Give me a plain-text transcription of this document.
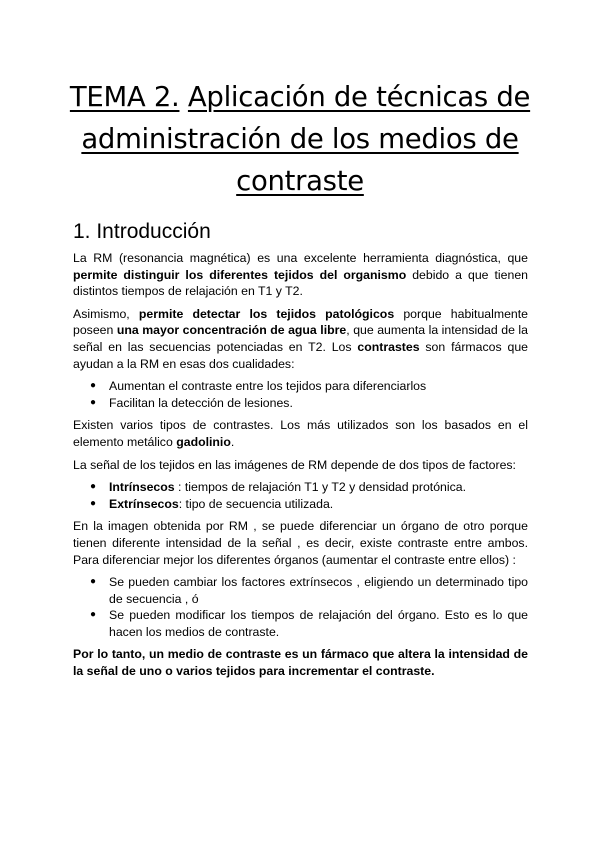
TEMA 2. Aplicación de técnicas de administración de los medios de contraste
1. Introducción

La RM (resonancia magnética) es una excelente herramienta diagnóstica, que permite distinguir los diferentes tejidos del organismo debido a que tienen distintos tiempos de relajación en T1 y T2.

Asimismo, permite detectar los tejidos patológicos porque habitualmente poseen una mayor concentración de agua libre, que aumenta la intensidad de la señal en las secuencias potenciadas en T2. Los contrastes son fármacos que ayudan a la RM en esas dos cualidades:

● Aumentan el contraste entre los tejidos para diferenciarlos
● Facilitan la detección de lesiones.

Existen varios tipos de contrastes. Los más utilizados son los basados en el elemento metálico gadolinio.

La señal de los tejidos en las imágenes de RM depende de dos tipos de factores:

● Intrínsecos : tiempos de relajación T1 y T2 y densidad protónica.
● Extrínsecos: tipo de secuencia utilizada.

En la imagen obtenida por RM , se puede diferenciar un órgano de otro porque tienen diferente intensidad de la señal , es decir, existe contraste entre ambos. Para diferenciar mejor los diferentes órganos (aumentar el contraste entre ellos) :

● Se pueden cambiar los factores extrínsecos , eligiendo un determinado tipo de secuencia , ó
● Se pueden modificar los tiempos de relajación del órgano. Esto es lo que hacen los medios de contraste.

Por lo tanto, un medio de contraste es un fármaco que altera la intensidad de la señal de uno o varios tejidos para incrementar el contraste.
